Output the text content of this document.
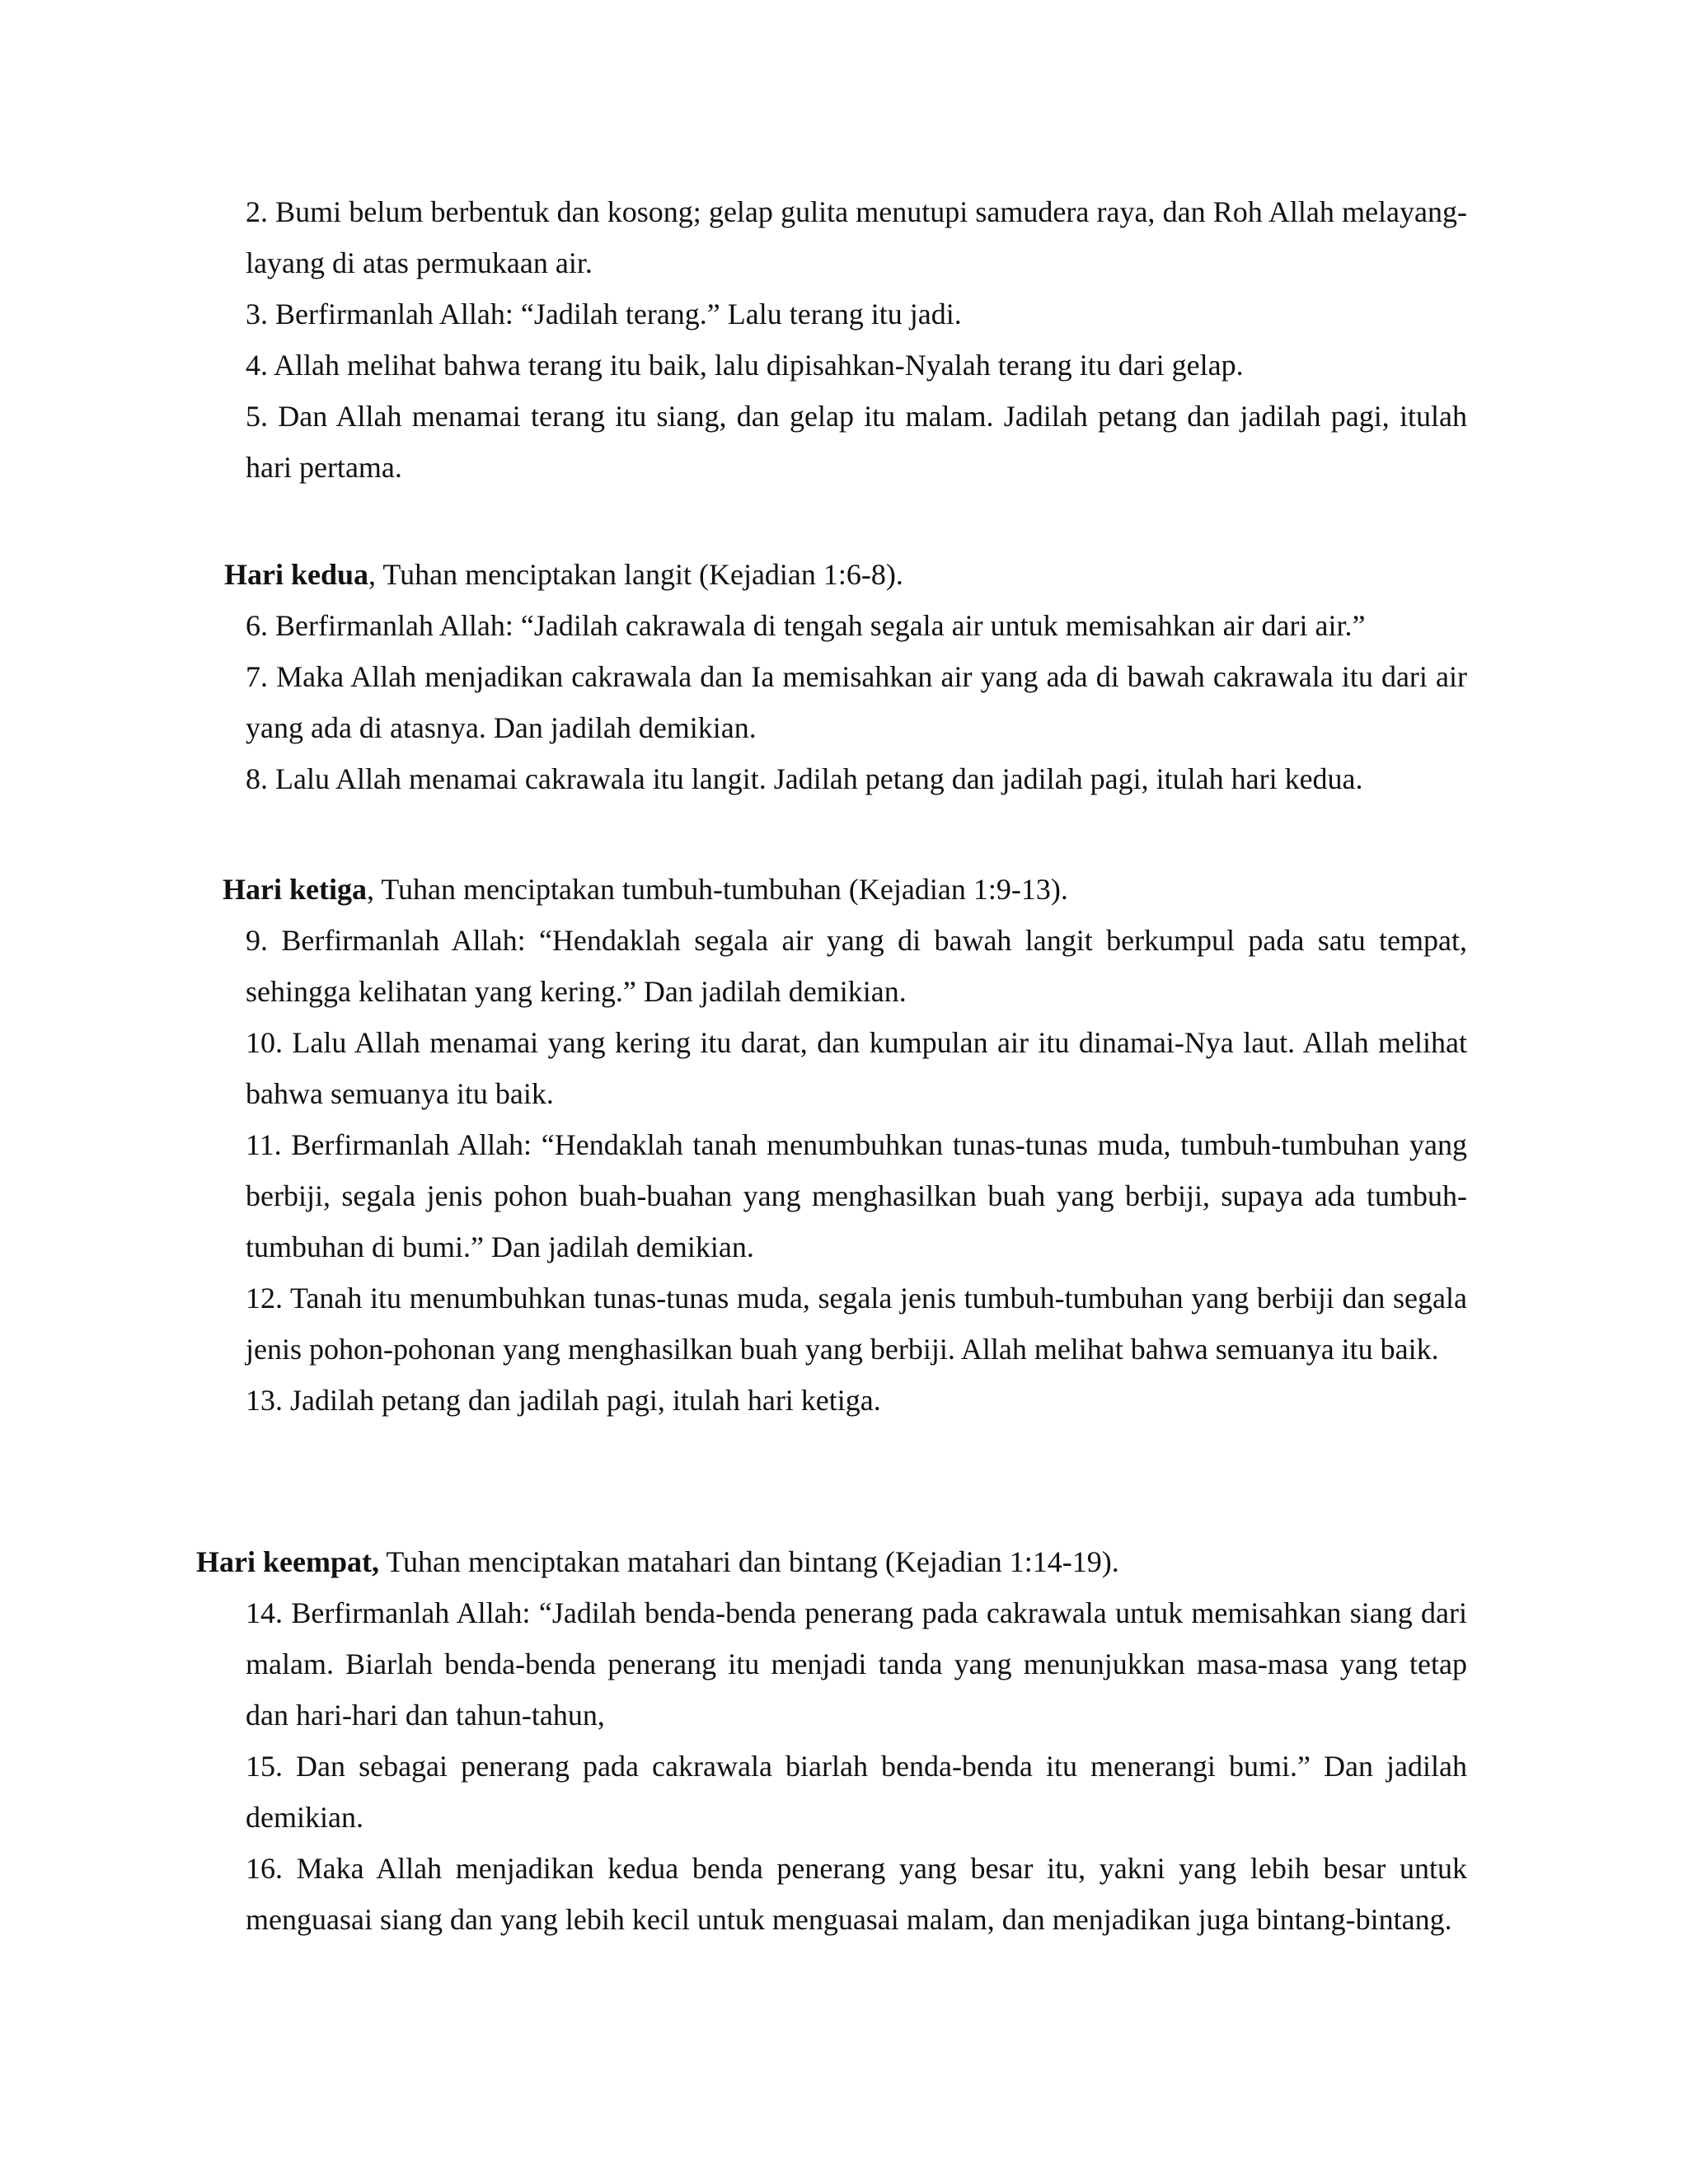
2. Bumi belum berbentuk dan kosong; gelap gulita menutupi samudera raya, dan Roh Allah melayang-layang di atas permukaan air.

3. Berfirmanlah Allah: “Jadilah terang.” Lalu terang itu jadi.

4. Allah melihat bahwa terang itu baik, lalu dipisahkan-Nyalah terang itu dari gelap.

5. Dan Allah menamai terang itu siang, dan gelap itu malam. Jadilah petang dan jadilah pagi, itulah hari pertama.

Hari kedua, Tuhan menciptakan langit (Kejadian 1:6-8).

6. Berfirmanlah Allah: “Jadilah cakrawala di tengah segala air untuk memisahkan air dari air.”

7. Maka Allah menjadikan cakrawala dan Ia memisahkan air yang ada di bawah cakrawala itu dari air yang ada di atasnya. Dan jadilah demikian.

8. Lalu Allah menamai cakrawala itu langit. Jadilah petang dan jadilah pagi, itulah hari kedua.

Hari ketiga, Tuhan menciptakan tumbuh-tumbuhan (Kejadian 1:9-13).

9. Berfirmanlah Allah: “Hendaklah segala air yang di bawah langit berkumpul pada satu tempat, sehingga kelihatan yang kering.” Dan jadilah demikian.

10. Lalu Allah menamai yang kering itu darat, dan kumpulan air itu dinamai-Nya laut. Allah melihat bahwa semuanya itu baik.

11. Berfirmanlah Allah: “Hendaklah tanah menumbuhkan tunas-tunas muda, tumbuh-tumbuhan yang berbiji, segala jenis pohon buah-buahan yang menghasilkan buah yang berbiji, supaya ada tumbuh-tumbuhan di bumi.” Dan jadilah demikian.

12. Tanah itu menumbuhkan tunas-tunas muda, segala jenis tumbuh-tumbuhan yang berbiji dan segala jenis pohon-pohonan yang menghasilkan buah yang berbiji. Allah melihat bahwa semuanya itu baik.

13. Jadilah petang dan jadilah pagi, itulah hari ketiga.

Hari keempat, Tuhan menciptakan matahari dan bintang (Kejadian 1:14-19).

14. Berfirmanlah Allah: “Jadilah benda-benda penerang pada cakrawala untuk memisahkan siang dari malam. Biarlah benda-benda penerang itu menjadi tanda yang menunjukkan masa-masa yang tetap dan hari-hari dan tahun-tahun,

15. Dan sebagai penerang pada cakrawala biarlah benda-benda itu menerangi bumi.” Dan jadilah demikian.

16. Maka Allah menjadikan kedua benda penerang yang besar itu, yakni yang lebih besar untuk menguasai siang dan yang lebih kecil untuk menguasai malam, dan menjadikan juga bintang-bintang.
